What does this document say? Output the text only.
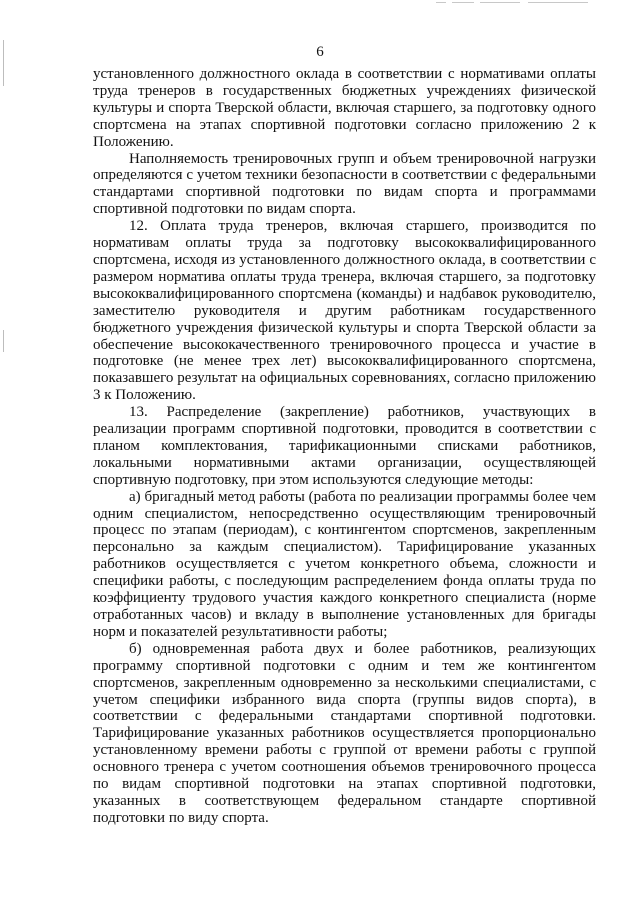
6

установленного должностного оклада в соответствии с нормативами оплаты труда тренеров в государственных бюджетных учреждениях физической культуры и спорта Тверской области, включая старшего, за подготовку одного спортсмена на этапах спортивной подготовки согласно приложению 2 к Положению.

Наполняемость тренировочных групп и объем тренировочной нагрузки определяются с учетом техники безопасности в соответствии с федеральными стандартами спортивной подготовки по видам спорта и программами спортивной подготовки по видам спорта.

12. Оплата труда тренеров, включая старшего, производится по нормативам оплаты труда за подготовку высококвалифицированного спортсмена, исходя из установленного должностного оклада, в соответствии с размером норматива оплаты труда тренера, включая старшего, за подготовку высококвалифицированного спортсмена (команды) и надбавок руководителю, заместителю руководителя и другим работникам государственного бюджетного учреждения физической культуры и спорта Тверской области за обеспечение высококачественного тренировочного процесса и участие в подготовке (не менее трех лет) высококвалифицированного спортсмена, показавшего результат на официальных соревнованиях, согласно приложению 3 к Положению.

13. Распределение (закрепление) работников, участвующих в реализации программ спортивной подготовки, проводится в соответствии с планом комплектования, тарификационными списками работников, локальными нормативными актами организации, осуществляющей спортивную подготовку, при этом используются следующие методы:

а) бригадный метод работы (работа по реализации программы более чем одним специалистом, непосредственно осуществляющим тренировочный процесс по этапам (периодам), с контингентом спортсменов, закрепленным персонально за каждым специалистом). Тарифицирование указанных работников осуществляется с учетом конкретного объема, сложности и специфики работы, с последующим распределением фонда оплаты труда по коэффициенту трудового участия каждого конкретного специалиста (норме отработанных часов) и вкладу в выполнение установленных для бригады норм и показателей результативности работы;

б) одновременная работа двух и более работников, реализующих программу спортивной подготовки с одним и тем же контингентом спортсменов, закрепленным одновременно за несколькими специалистами, с учетом специфики избранного вида спорта (группы видов спорта), в соответствии с федеральными стандартами спортивной подготовки. Тарифицирование указанных работников осуществляется пропорционально установленному времени работы с группой от времени работы с группой основного тренера с учетом соотношения объемов тренировочного процесса по видам спортивной подготовки на этапах спортивной подготовки, указанных в соответствующем федеральном стандарте спортивной подготовки по виду спорта.
